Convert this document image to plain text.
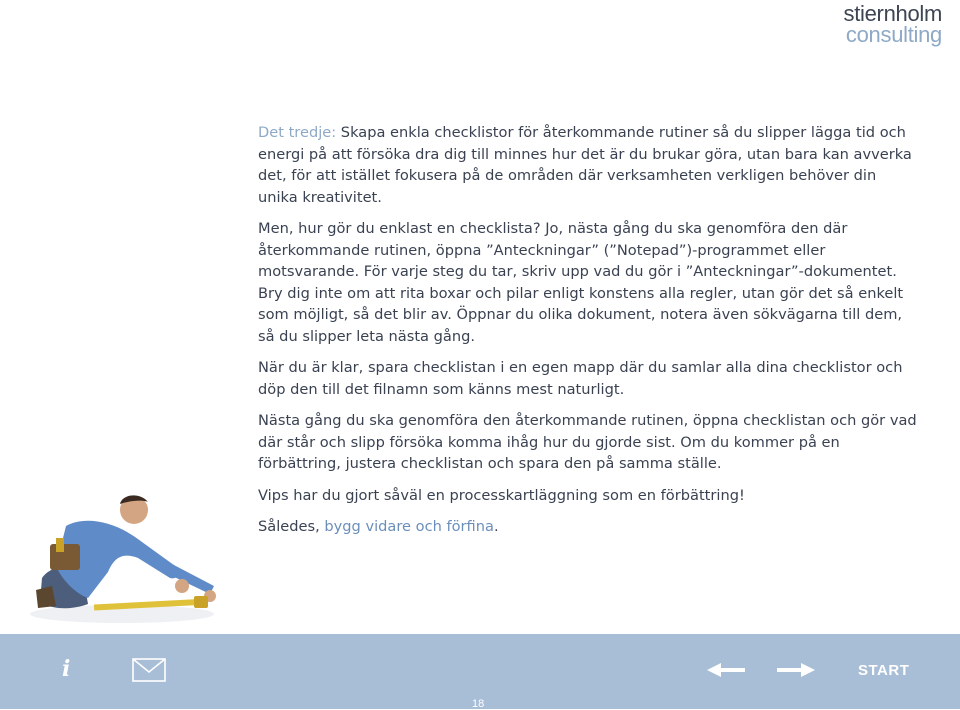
stiernholm
consulting

Det tredje: Skapa enkla checklistor för återkommande rutiner så du slipper lägga tid och energi på att försöka dra dig till minnes hur det är du brukar göra, utan bara kan avverka det, för att istället fokusera på de områden där verksamheten verkligen behöver din unika kreativitet.

Men, hur gör du enklast en checklista? Jo, nästa gång du ska genomföra den där återkommande rutinen, öppna ”Anteckningar” (”Notepad”)-programmet eller motsvarande. För varje steg du tar, skriv upp vad du gör i ”Anteckningar”-dokumentet. Bry dig inte om att rita boxar och pilar enligt konstens alla regler, utan gör det så enkelt som möjligt, så det blir av. Öppnar du olika dokument, notera även sökvägarna till dem, så du slipper leta nästa gång.

När du är klar, spara checklistan i en egen mapp där du samlar alla dina checklistor och döp den till det filnamn som känns mest naturligt.

Nästa gång du ska genomföra den återkommande rutinen, öppna checklistan och gör vad där står och slipp försöka komma ihåg hur du gjorde sist. Om du kommer på en förbättring, justera checklistan och spara den på samma ställe.

Vips har du gjort såväl en processkartläggning som en förbättring!

Således, bygg vidare och förfina.

i	START
18
